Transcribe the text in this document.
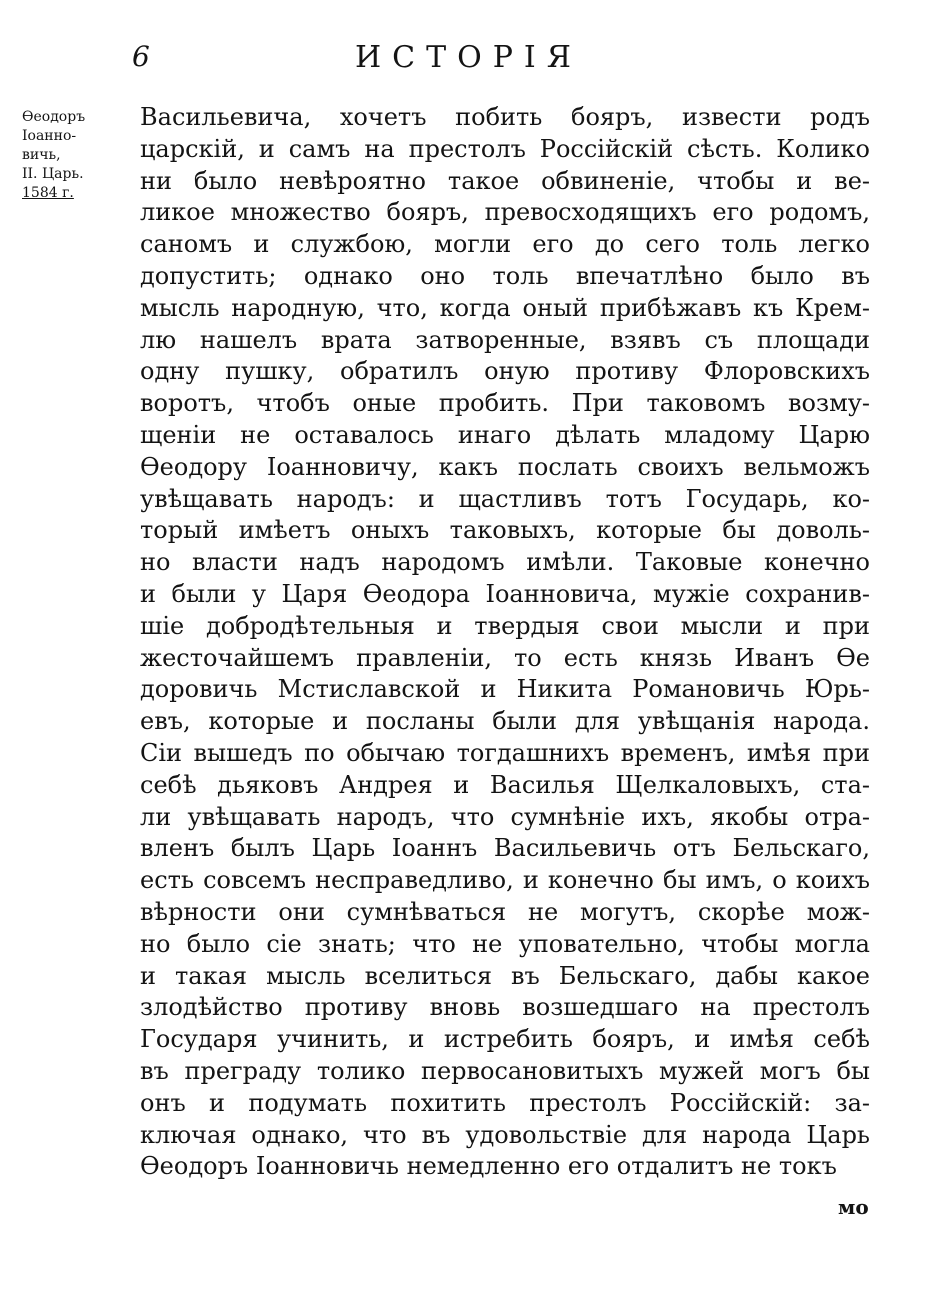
6	ИСТОРІЯ
Ѳеодоръ
Іоанно-
вичь,
II. Царь.
1584 г.
Васильевича, хочетъ побить бояръ, извести родъ
царскій, и самъ на престолъ Россійскій сѣсть. Колико
ни было невѣроятно такое обвиненіе, чтобы и ве-
ликое множество бояръ, превосходящихъ его родомъ,
саномъ и службою, могли его до сего толь легко
допустить; однако оно толь впечатлѣно было въ
мысль народную, что, когда оный прибѣжавъ къ Крем-
лю нашелъ врата затворенные, взявъ съ площади
одну пушку, обратилъ оную противу Флоровскихъ
воротъ, чтобъ оные пробить. При таковомъ возму-
щеніи не оставалось инаго дѣлать младому Царю
Ѳеодору Іоанновичу, какъ послать своихъ вельможъ
увѣщавать народъ: и щастливъ тотъ Государь, ко-
торый имѣетъ оныхъ таковыхъ, которые бы доволь-
но власти надъ народомъ имѣли. Таковые конечно
и были у Царя Ѳеодора Іоанновича, мужіе сохранив-
шіе добродѣтельныя и твердыя свои мысли и при
жесточайшемъ правленіи, то есть князь Иванъ Ѳе
доровичь Мстиславской и Никита Романовичь Юрь-
евъ, которые и посланы были для увѣщанія народа.
Сіи вышедъ по обычаю тогдашнихъ временъ, имѣя при
себѣ дьяковъ Андрея и Василья Щелкаловыхъ, ста-
ли увѣщавать народъ, что сумнѣніе ихъ, якобы отра-
вленъ былъ Царь Іоаннъ Васильевичь отъ Бельскаго,
есть совсемъ несправедливо, и конечно бы имъ, о коихъ
вѣрности они сумнѣваться не могутъ, скорѣе мож-
но было сіе знать; что не уповательно, чтобы могла
и такая мысль вселиться въ Бельскаго, дабы какое
злодѣйство противу вновь возшедшаго на престолъ
Государя учинить, и истребить бояръ, и имѣя себѣ
въ преграду толико первосановитыхъ мужей могъ бы
онъ и подумать похитить престолъ Россійскій: за-
ключая однако, что въ удовольствіе для народа Царь
Ѳеодоръ Іоанновичь немедленно его отдалитъ не токъ
мо
